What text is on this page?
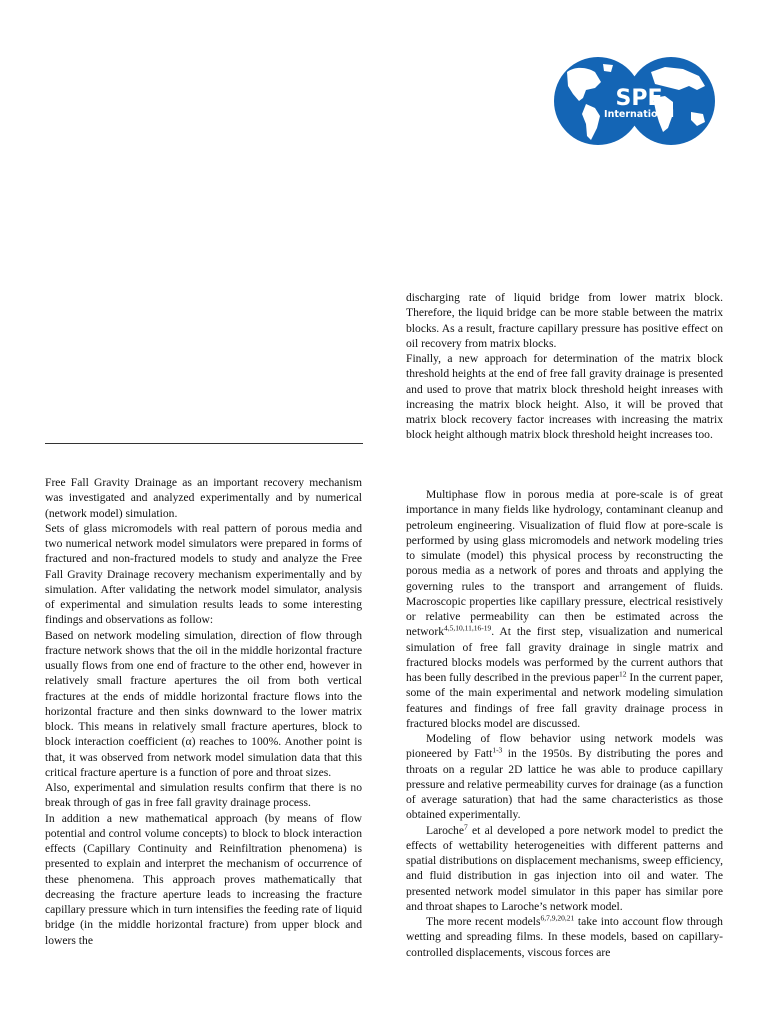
SPE
International

discharging rate of liquid bridge from lower matrix block. Therefore, the liquid bridge can be more stable between the matrix blocks. As a result, fracture capillary pressure has positive effect on oil recovery from matrix blocks.

Finally, a new approach for determination of the matrix block threshold heights at the end of free fall gravity drainage is presented and used to prove that matrix block threshold height inreases with increasing the matrix block height. Also, it will be proved that matrix block recovery factor increases with increasing the matrix block height although matrix block threshold height increases too.

Free Fall Gravity Drainage as an important recovery mechanism was investigated and analyzed experimentally and by numerical (network model) simulation.

Sets of glass micromodels with real pattern of porous media and two numerical network model simulators were prepared in forms of fractured and non-fractured models to study and analyze the Free Fall Gravity Drainage recovery mechanism experimentally and by simulation. After validating the network model simulator, analysis of experimental and simulation results leads to some interesting findings and observations as follow:

Based on network modeling simulation, direction of flow through fracture network shows that the oil in the middle horizontal fracture usually flows from one end of fracture to the other end, however in relatively small fracture apertures the oil from both vertical fractures at the ends of middle horizontal fracture flows into the horizontal fracture and then sinks downward to the lower matrix block. This means in relatively small fracture apertures, block to block interaction coefficient (α) reaches to 100%. Another point is that, it was observed from network model simulation data that this critical fracture aperture is a function of pore and throat sizes.

Also, experimental and simulation results confirm that there is no break through of gas in free fall gravity drainage process.

In addition a new mathematical approach (by means of flow potential and control volume concepts) to block to block interaction effects (Capillary Continuity and Reinfiltration phenomena) is presented to explain and interpret the mechanism of occurrence of these phenomena. This approach proves mathematically that decreasing the fracture aperture leads to increasing the fracture capillary pressure which in turn intensifies the feeding rate of liquid bridge (in the middle horizontal fracture) from upper block and lowers the

Multiphase flow in porous media at pore-scale is of great importance in many fields like hydrology, contaminant cleanup and petroleum engineering. Visualization of fluid flow at pore-scale is performed by using glass micromodels and network modeling tries to simulate (model) this physical process by reconstructing the porous media as a network of pores and throats and applying the governing rules to the transport and arrangement of fluids. Macroscopic properties like capillary pressure, electrical resistively or relative permeability can then be estimated across the network$^{4,5,10,11,16-19}$. At the first step, visualization and numerical simulation of free fall gravity drainage in single matrix and fractured blocks models was performed by the current authors that has been fully described in the previous paper$^{12}$ In the current paper, some of the main experimental and network modeling simulation features and findings of free fall gravity drainage process in fractured blocks model are discussed.

Modeling of flow behavior using network models was pioneered by Fatt$^{1-3}$ in the 1950s. By distributing the pores and throats on a regular 2D lattice he was able to produce capillary pressure and relative permeability curves for drainage (as a function of average saturation) that had the same characteristics as those obtained experimentally.

Laroche$^7$ et al developed a pore network model to predict the effects of wettability heterogeneities with different patterns and spatial distributions on displacement mechanisms, sweep efficiency, and fluid distribution in gas injection into oil and water. The presented network model simulator in this paper has similar pore and throat shapes to Laroche’s network model.

The more recent models$^{6,7,9,20,21}$ take into account flow through wetting and spreading films. In these models, based on capillary-controlled displacements, viscous forces are
